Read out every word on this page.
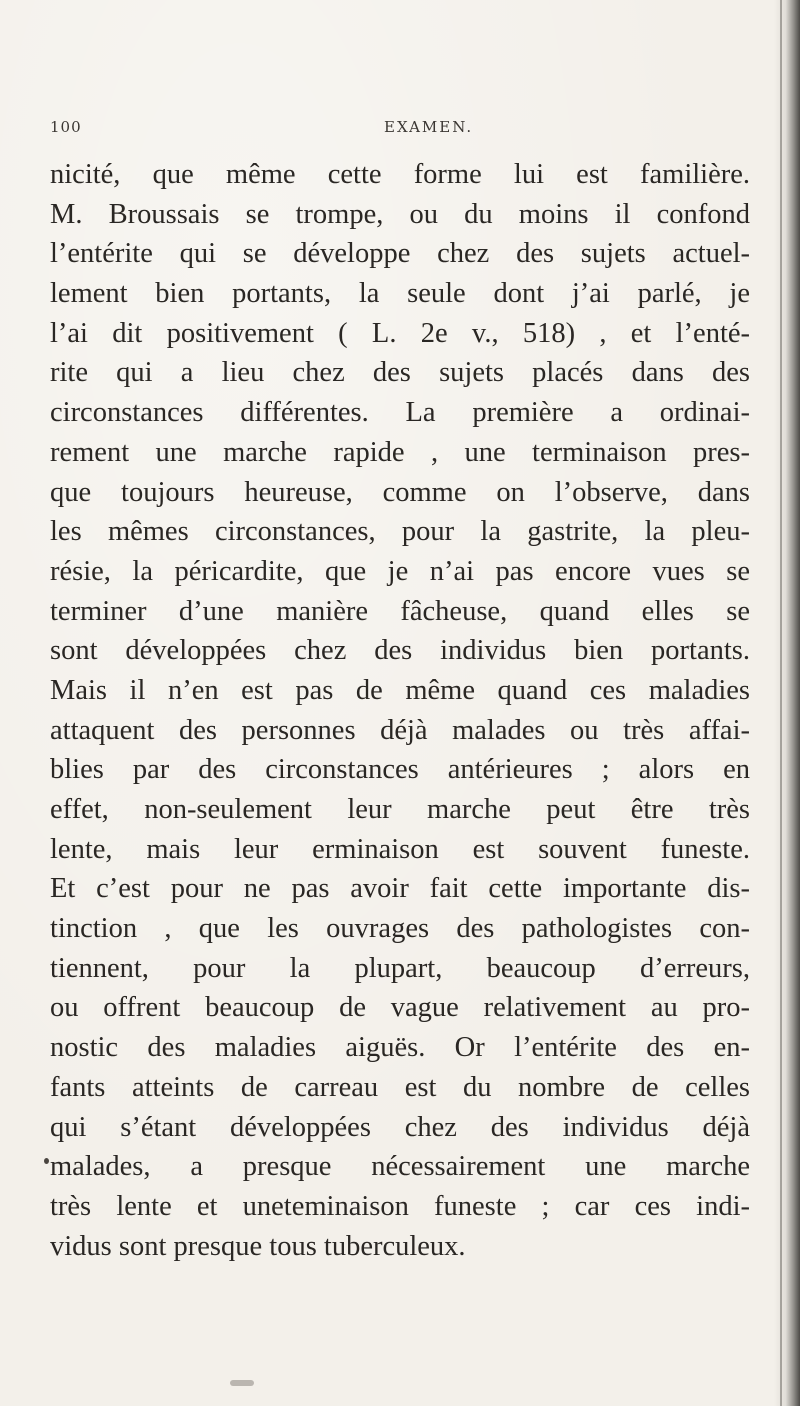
100	EXAMEN.
nicité, que même cette forme lui est familière.
M. Broussais se trompe, ou du moins il confond
l’entérite qui se développe chez des sujets actuel-
lement bien portants, la seule dont j’ai parlé, je
l’ai dit positivement ( L. 2e v., 518) , et l’enté-
rite qui a lieu chez des sujets placés dans des
circonstances différentes. La première a ordinai-
rement une marche rapide , une terminaison pres-
que toujours heureuse, comme on l’observe, dans
les mêmes circonstances, pour la gastrite, la pleu-
résie, la péricardite, que je n’ai pas encore vues se
terminer d’une manière fâcheuse, quand elles se
sont développées chez des individus bien portants.
Mais il n’en est pas de même quand ces maladies
attaquent des personnes déjà malades ou très affai-
blies par des circonstances antérieures ; alors en
effet, non-seulement leur marche peut être très
lente, mais leur erminaison est souvent funeste.
Et c’est pour ne pas avoir fait cette importante dis-
tinction , que les ouvrages des pathologistes con-
tiennent, pour la plupart, beaucoup d’erreurs,
ou offrent beaucoup de vague relativement au pro-
nostic des maladies aiguës. Or l’entérite des en-
fants atteints de carreau est du nombre de celles
qui s’étant développées chez des individus déjà
malades, a presque nécessairement une marche
très lente et uneteminaison funeste ; car ces indi-
vidus sont presque tous tuberculeux.
